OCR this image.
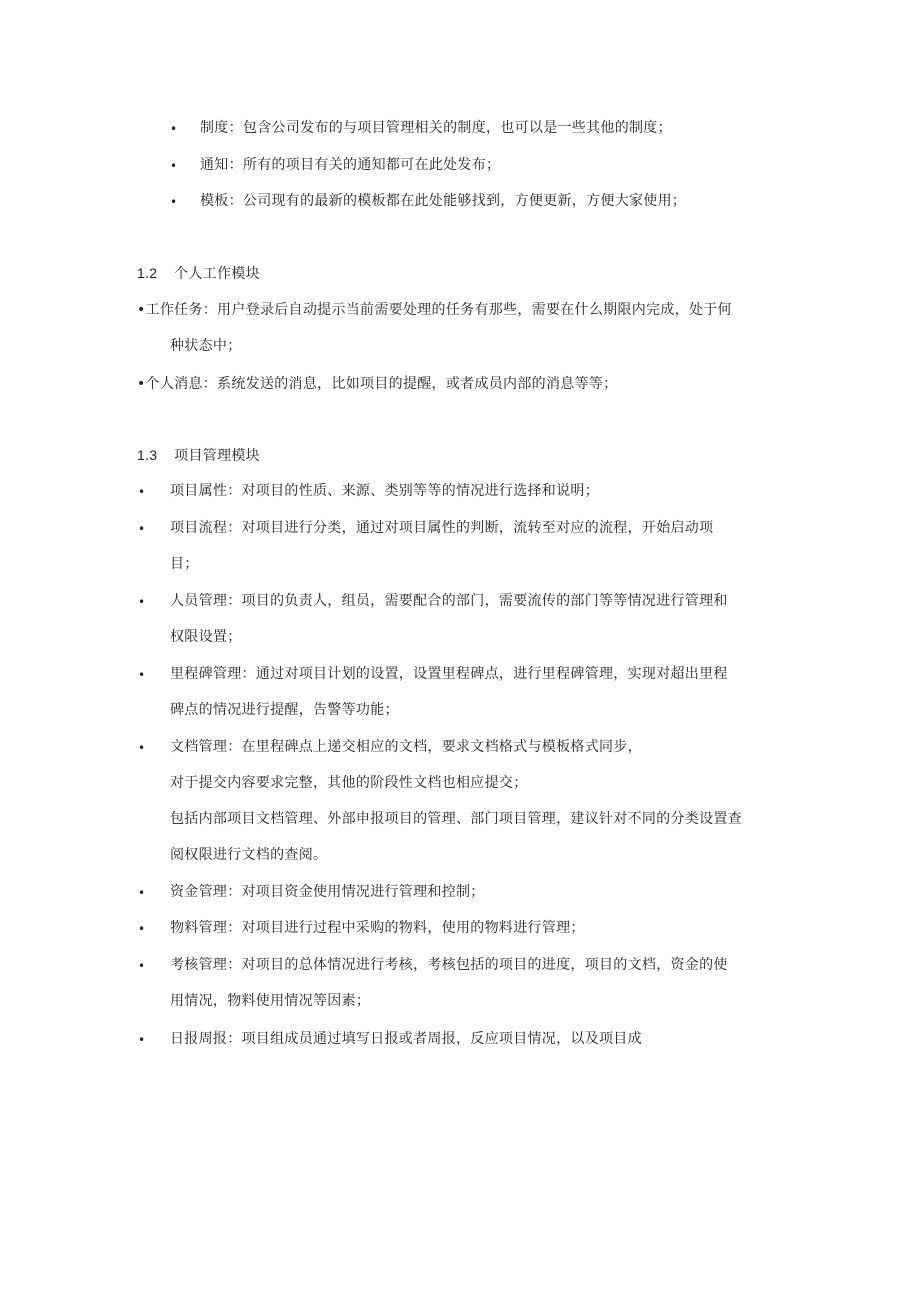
• 制度：包含公司发布的与项目管理相关的制度，也可以是一些其他的制度；
• 通知：所有的项目有关的通知都可在此处发布；
• 模板：公司现有的最新的模板都在此处能够找到，方便更新，方便大家使用；
1.2 个人工作模块
•工作任务：用户登录后自动提示当前需要处理的任务有那些，需要在什么期限内完成，处于何
种状态中；
•个人消息：系统发送的消息，比如项目的提醒，或者成员内部的消息等等；
1.3 项目管理模块
• 项目属性：对项目的性质、来源、类别等等的情况进行选择和说明；
• 项目流程：对项目进行分类，通过对项目属性的判断，流转至对应的流程，开始启动项
目；
• 人员管理：项目的负责人，组员，需要配合的部门，需要流传的部门等等情况进行管理和
权限设置；
• 里程碑管理：通过对项目计划的设置，设置里程碑点，进行里程碑管理，实现对超出里程
碑点的情况进行提醒，告警等功能；
• 文档管理：在里程碑点上递交相应的文档，要求文档格式与模板格式同步，
对于提交内容要求完整，其他的阶段性文档也相应提交；
包括内部项目文档管理、外部申报项目的管理、部门项目管理，建议针对不同的分类设置查
阅权限进行文档的查阅。
• 资金管理：对项目资金使用情况进行管理和控制；
• 物料管理：对项目进行过程中采购的物料，使用的物料进行管理；
• 考核管理：对项目的总体情况进行考核，考核包括的项目的进度，项目的文档，资金的使
用情况，物料使用情况等因素；
• 日报周报：项目组成员通过填写日报或者周报，反应项目情况，以及项目成
